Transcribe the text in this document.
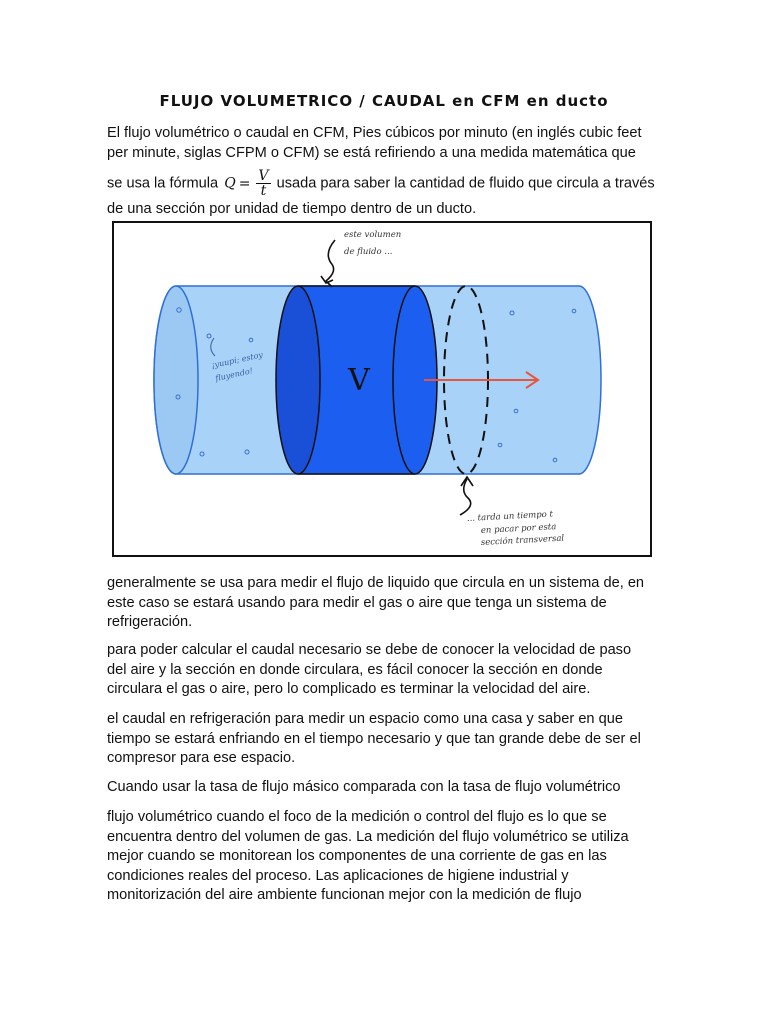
FLUJO VOLUMETRICO / CAUDAL en CFM en ducto
El flujo volumétrico o caudal en CFM, Pies cúbicos por minuto (en inglés cubic feet
per minute, siglas CFPM o CFM) se está refiriendo a una medida matemática que
se usa la fórmula $Q = \frac{V}{t}$ usada para saber la cantidad de fluido que circula a través
de una sección por unidad de tiempo dentro de un ducto.
V
¡yuupi; estoy
fluyendo!
este volumen
de fluido ...
... tarda un tiempo t
en pacar por esta
sección transversal
generalmente se usa para medir el flujo de liquido que circula en un sistema de, en
este caso se estará usando para medir el gas o aire que tenga un sistema de
refrigeración.
para poder calcular el caudal necesario se debe de conocer la velocidad de paso
del aire y la sección en donde circulara, es fácil conocer la sección en donde
circulara el gas o aire, pero lo complicado es terminar la velocidad del aire.
el caudal en refrigeración para medir un espacio como una casa y saber en que
tiempo se estará enfriando en el tiempo necesario y que tan grande debe de ser el
compresor para ese espacio.
Cuando usar la tasa de flujo másico comparada con la tasa de flujo volumétrico
flujo volumétrico cuando el foco de la medición o control del flujo es lo que se
encuentra dentro del volumen de gas. La medición del flujo volumétrico se utiliza
mejor cuando se monitorean los componentes de una corriente de gas en las
condiciones reales del proceso. Las aplicaciones de higiene industrial y
monitorización del aire ambiente funcionan mejor con la medición de flujo
